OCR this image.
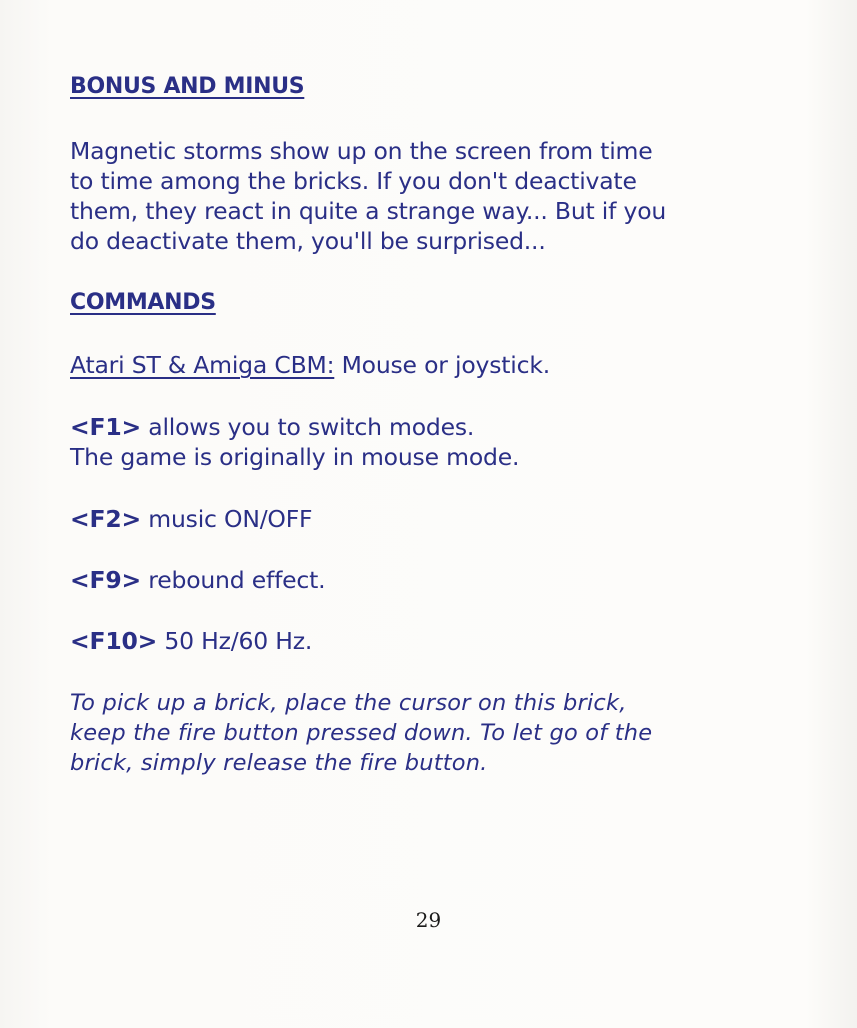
BONUS AND MINUS
Magnetic storms show up on the screen from time
to time among the bricks. If you don't deactivate
them, they react in quite a strange way... But if you
do deactivate them, you'll be surprised...
COMMANDS
Atari ST & Amiga CBM: Mouse or joystick.
<F1> allows you to switch modes.
The game is originally in mouse mode.
<F2> music ON/OFF
<F9> rebound effect.
<F10> 50 Hz/60 Hz.
To pick up a brick, place the cursor on this brick,
keep the fire button pressed down. To let go of the
brick, simply release the fire button.
29
